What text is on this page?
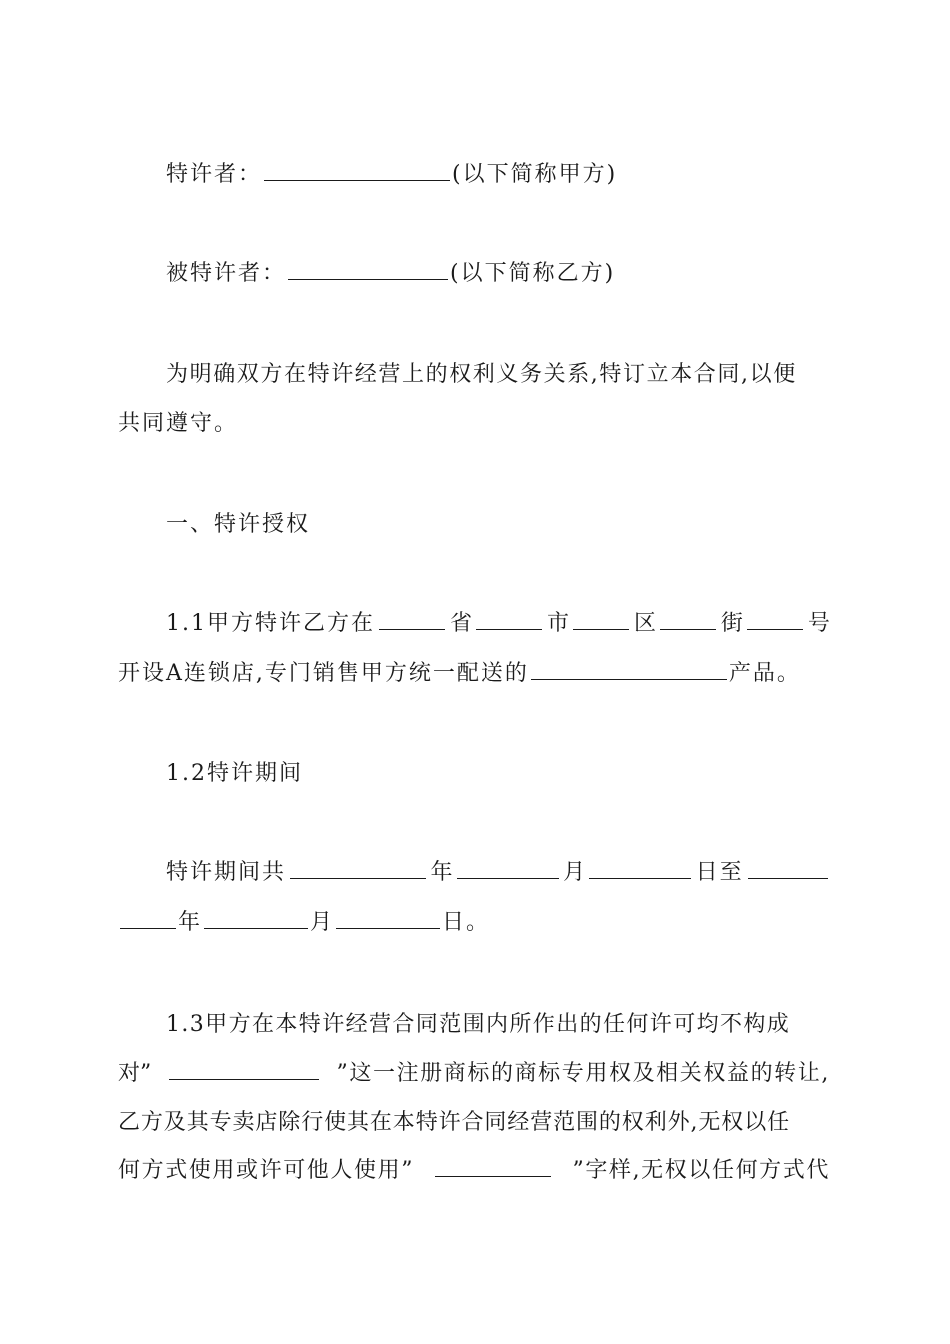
特许者：	(以下简称甲方)
被特许者：	(以下简称乙方)
为明确双方在特许经营上的权利义务关系,特订立本合同,以便
共同遵守。
一、特许授权
1.1甲方特许乙方在	省	市	区	街	号
开设A连锁店,专门销售甲方统一配送的	产品。
1.2特许期间
特许期间共	年	月	日至
年	月	日。
1.3甲方在本特许经营合同范围内所作出的任何许可均不构成
对”	”这一注册商标的商标专用权及相关权益的转让,
乙方及其专卖店除行使其在本特许合同经营范围的权利外,无权以任
何方式使用或许可他人使用”	”字样,无权以任何方式代
